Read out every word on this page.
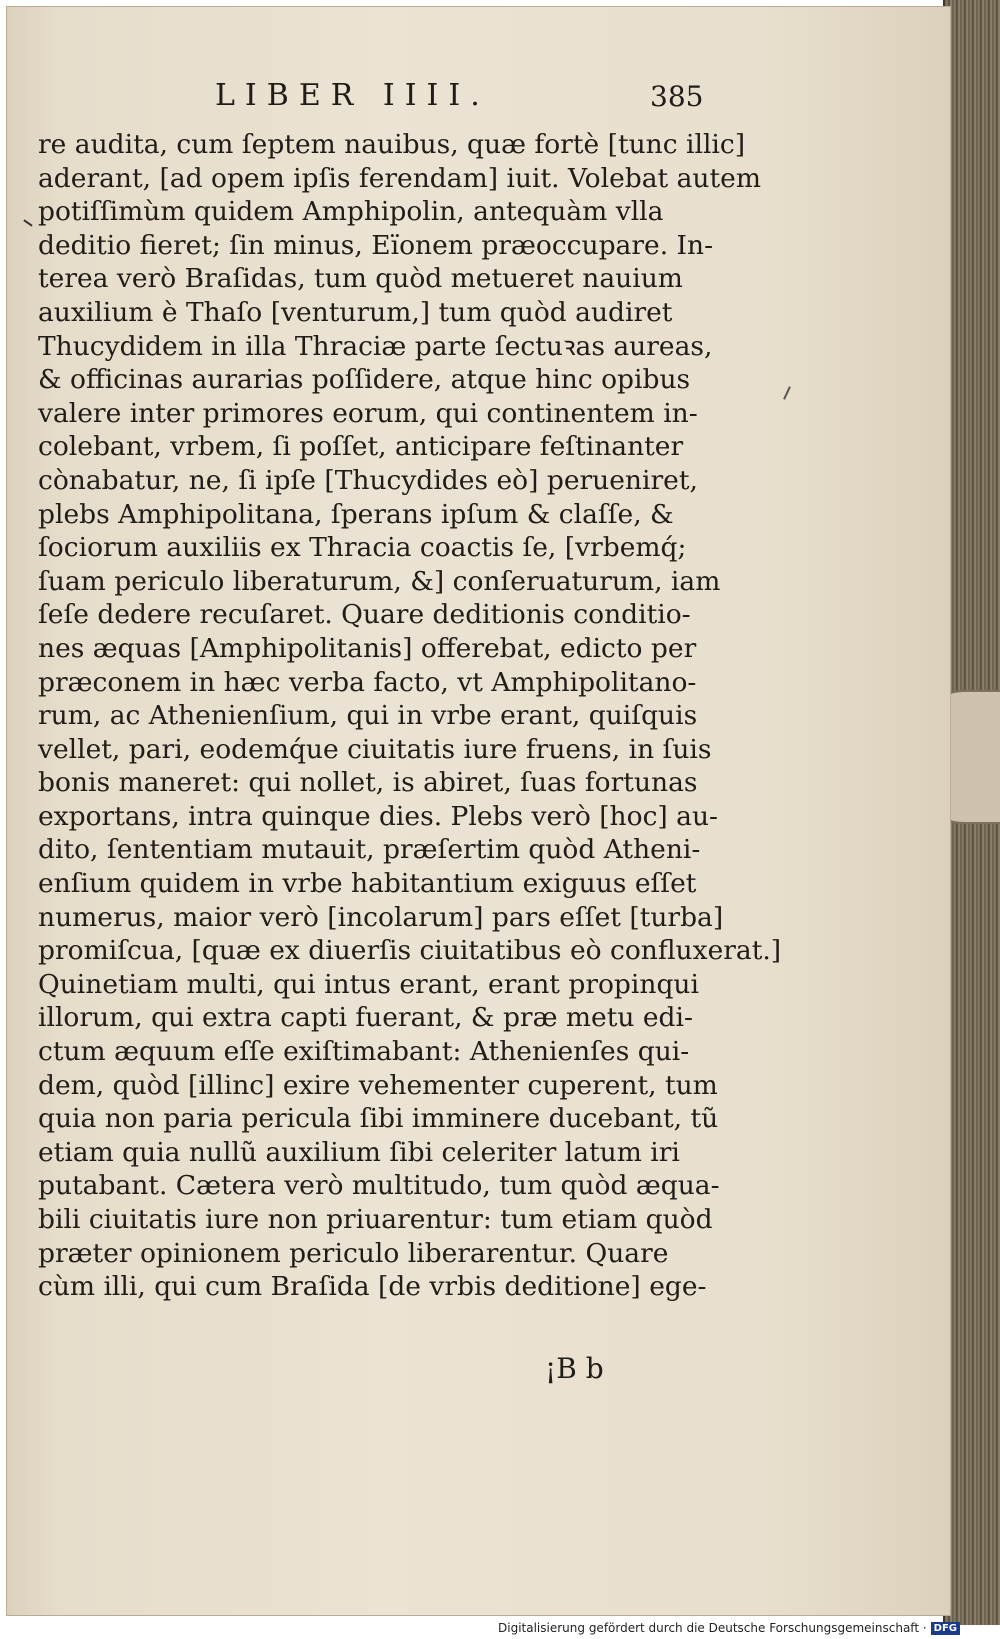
LIBER IIII.	385
re audita, cum ſeptem nauibus, quæ fortè [tunc illic]
aderant, [ad opem ipſis ferendam] iuit. Volebat autem
potiſſimùm quidem Amphipolin, antequàm vlla
deditio fieret; ſin minus, Eïonem præoccupare. In-
terea verò Braſidas, tum quòd metueret nauium
auxilium è Thaſo [venturum,] tum quòd audiret
Thucydidem in illa Thraciæ parte ſectuꝛas aureas,
& officinas aurarias poſſidere, atque hinc opibus
valere inter primores eorum, qui continentem in-
colebant, vrbem, ſi poſſet, anticipare feſtinanter
cònabatur, ne, ſi ipſe [Thucydides eò] perueniret,
plebs Amphipolitana, ſperans ipſum & claſſe, &
ſociorum auxiliis ex Thracia coactis ſe, [vrbemq́;
ſuam periculo liberaturum, &] conſeruaturum, iam
ſeſe dedere recuſaret. Quare deditionis conditio-
nes æquas [Amphipolitanis] offerebat, edicto per
præconem in hæc verba facto, vt Amphipolitano-
rum, ac Athenienſium, qui in vrbe erant, quiſquis
vellet, pari, eodemq́ue ciuitatis iure fruens, in ſuis
bonis maneret: qui nollet, is abiret, ſuas fortunas
exportans, intra quinque dies. Plebs verò [hoc] au-
dito, ſententiam mutauit, præſertim quòd Atheni-
enſium quidem in vrbe habitantium exiguus eſſet
numerus, maior verò [incolarum] pars eſſet [turba]
promiſcua, [quæ ex diuerſis ciuitatibus eò confluxerat.]
Quinetiam multi, qui intus erant, erant propinqui
illorum, qui extra capti fuerant, & præ metu edi-
ctum æquum eſſe exiſtimabant: Athenienſes qui-
dem, quòd [illinc] exire vehementer cuperent, tum
quia non paria pericula ſibi imminere ducebant, tũ
etiam quia nullũ auxilium ſibi celeriter latum iri
putabant. Cætera verò multitudo, tum quòd æqua-
bili ciuitatis iure non priuarentur: tum etiam quòd
præter opinionem periculo liberarentur. Quare
cùm illi, qui cum Braſida [de vrbis deditione] ege-
¡B b
Digitalisierung gefördert durch die Deutsche Forschungsgemeinschaft · DFG
